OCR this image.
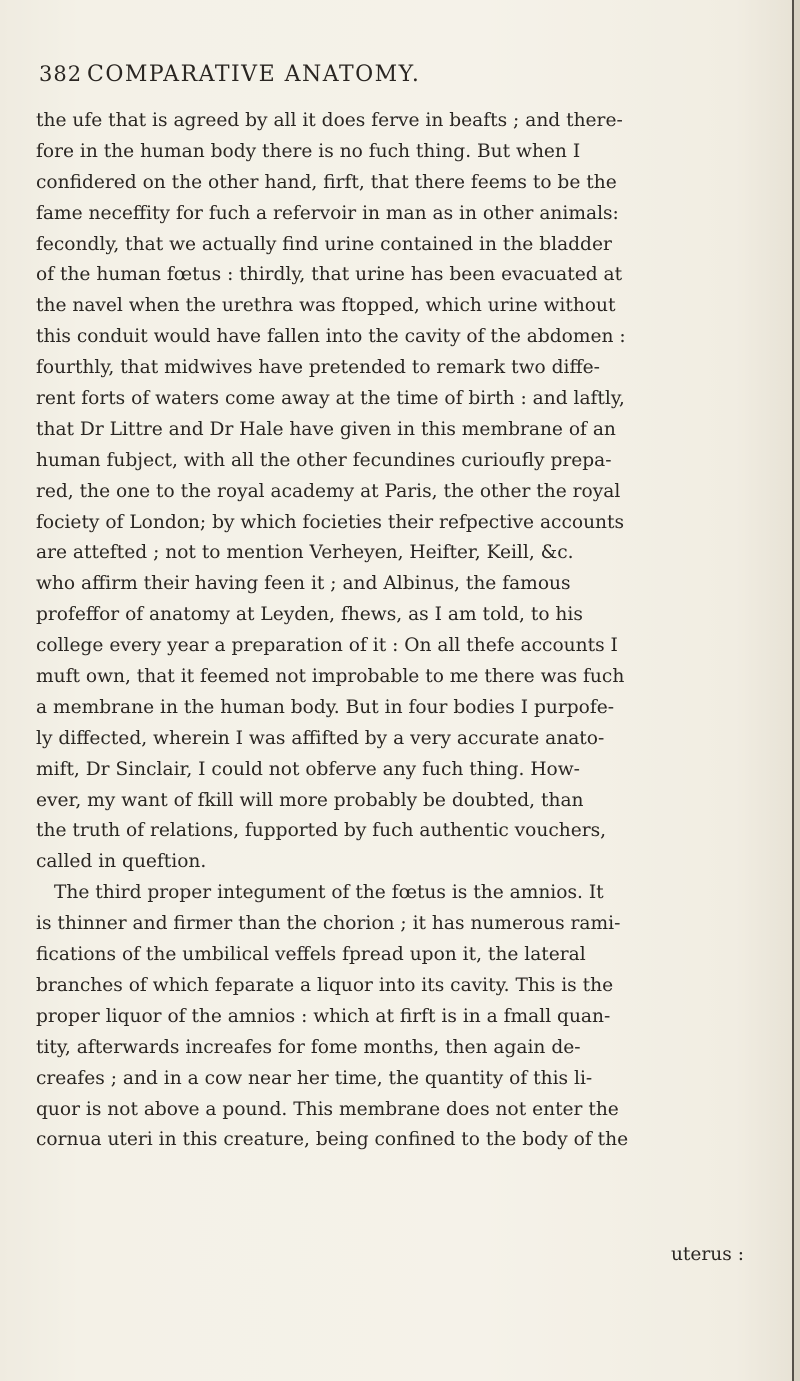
382 COMPARATIVE ANATOMY.
the ufe that is agreed by all it does ferve in beafts ; and there-
fore in the human body there is no fuch thing. But when I
confidered on the other hand, firft, that there feems to be the
fame neceffity for fuch a refervoir in man as in other animals:
fecondly, that we actually find urine contained in the bladder
of the human fœtus : thirdly, that urine has been evacuated at
the navel when the urethra was ftopped, which urine without
this conduit would have fallen into the cavity of the abdomen :
fourthly, that midwives have pretended to remark two diffe-
rent forts of waters come away at the time of birth : and laftly,
that Dr Littre and Dr Hale have given in this membrane of an
human fubject, with all the other fecundines curioufly prepa-
red, the one to the royal academy at Paris, the other the royal
fociety of London; by which focieties their refpective accounts
are attefted ; not to mention Verheyen, Heifter, Keill, &c.
who affirm their having feen it ; and Albinus, the famous
profeffor of anatomy at Leyden, fhews, as I am told, to his
college every year a preparation of it : On all thefe accounts I
muft own, that it feemed not improbable to me there was fuch
a membrane in the human body. But in four bodies I purpofe-
ly diffected, wherein I was affifted by a very accurate anato-
mift, Dr Sinclair, I could not obferve any fuch thing. How-
ever, my want of fkill will more probably be doubted, than
the truth of relations, fupported by fuch authentic vouchers,
called in queftion.
The third proper integument of the fœtus is the amnios. It
is thinner and firmer than the chorion ; it has numerous rami-
fications of the umbilical veffels fpread upon it, the lateral
branches of which feparate a liquor into its cavity. This is the
proper liquor of the amnios : which at firft is in a fmall quan-
tity, afterwards increafes for fome months, then again de-
creafes ; and in a cow near her time, the quantity of this li-
quor is not above a pound. This membrane does not enter the
cornua uteri in this creature, being confined to the body of the
uterus :
